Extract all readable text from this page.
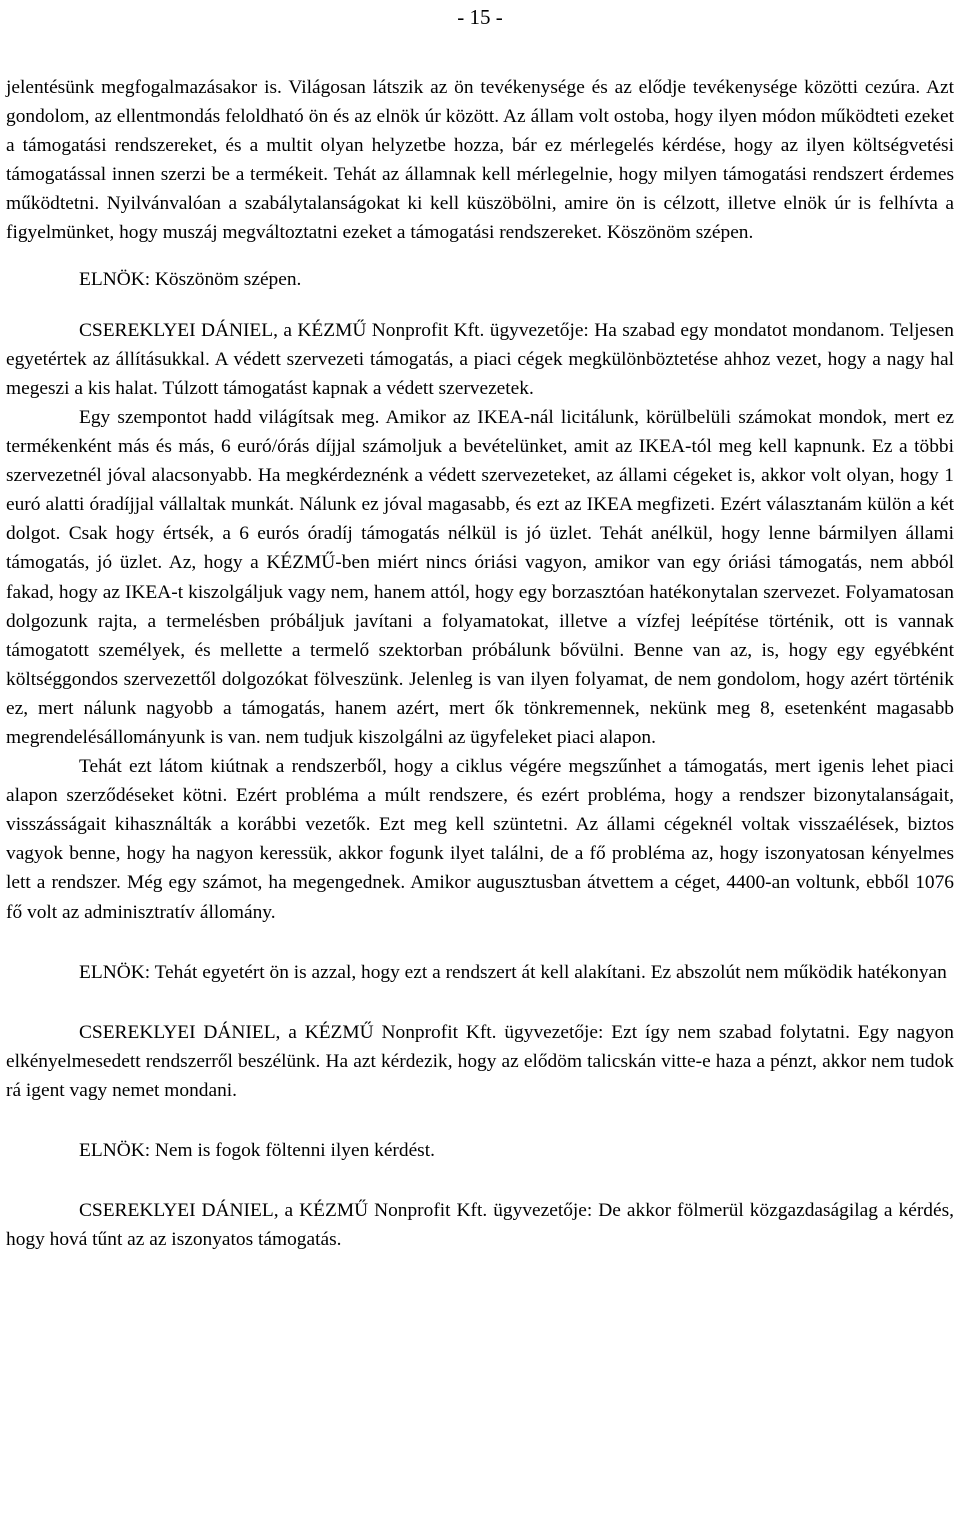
- 15 -

jelentésünk megfogalmazásakor is. Világosan látszik az ön tevékenysége és az elődje tevékenysége közötti cezúra. Azt gondolom, az ellentmondás feloldható ön és az elnök úr között. Az állam volt ostoba, hogy ilyen módon működteti ezeket a támogatási rendszereket, és a multit olyan helyzetbe hozza, bár ez mérlegelés kérdése, hogy az ilyen költségvetési támogatással innen szerzi be a termékeit. Tehát az államnak kell mérlegelnie, hogy milyen támogatási rendszert érdemes működtetni. Nyilvánvalóan a szabálytalanságokat ki kell küszöbölni, amire ön is célzott, illetve elnök úr is felhívta a figyelmünket, hogy muszáj megváltoztatni ezeket a támogatási rendszereket. Köszönöm szépen.

ELNÖK: Köszönöm szépen.

CSEREKLYEI DÁNIEL, a KÉZMŰ Nonprofit Kft. ügyvezetője: Ha szabad egy mondatot mondanom. Teljesen egyetértek az állításukkal. A védett szervezeti támogatás, a piaci cégek megkülönböztetése ahhoz vezet, hogy a nagy hal megeszi a kis halat. Túlzott támogatást kapnak a védett szervezetek.

Egy szempontot hadd világítsak meg. Amikor az IKEA-nál licitálunk, körülbelüli számokat mondok, mert ez termékenként más és más, 6 euró/órás díjjal számoljuk a bevételünket, amit az IKEA-tól meg kell kapnunk. Ez a többi szervezetnél jóval alacsonyabb. Ha megkérdeznénk a védett szervezeteket, az állami cégeket is, akkor volt olyan, hogy 1 euró alatti óradíjjal vállaltak munkát. Nálunk ez jóval magasabb, és ezt az IKEA megfizeti. Ezért választanám külön a két dolgot. Csak hogy értsék, a 6 eurós óradíj támogatás nélkül is jó üzlet. Tehát anélkül, hogy lenne bármilyen állami támogatás, jó üzlet. Az, hogy a KÉZMŰ-ben miért nincs óriási vagyon, amikor van egy óriási támogatás, nem abból fakad, hogy az IKEA-t kiszolgáljuk vagy nem, hanem attól, hogy egy borzasztóan hatékonytalan szervezet. Folyamatosan dolgozunk rajta, a termelésben próbáljuk javítani a folyamatokat, illetve a vízfej leépítése történik, ott is vannak támogatott személyek, és mellette a termelő szektorban próbálunk bővülni. Benne van az, is, hogy egy egyébként költséggondos szervezettől dolgozókat fölveszünk. Jelenleg is van ilyen folyamat, de nem gondolom, hogy azért történik ez, mert nálunk nagyobb a támogatás, hanem azért, mert ők tönkremennek, nekünk meg 8, esetenként magasabb megrendelésállományunk is van. nem tudjuk kiszolgálni az ügyfeleket piaci alapon.

Tehát ezt látom kiútnak a rendszerből, hogy a ciklus végére megszűnhet a támogatás, mert igenis lehet piaci alapon szerződéseket kötni. Ezért probléma a múlt rendszere, és ezért probléma, hogy a rendszer bizonytalanságait, visszásságait kihasználták a korábbi vezetők. Ezt meg kell szüntetni. Az állami cégeknél voltak visszaélések, biztos vagyok benne, hogy ha nagyon keressük, akkor fogunk ilyet találni, de a fő probléma az, hogy iszonyatosan kényelmes lett a rendszer. Még egy számot, ha megengednek. Amikor augusztusban átvettem a céget, 4400-an voltunk, ebből 1076 fő volt az adminisztratív állomány.

ELNÖK: Tehát egyetért ön is azzal, hogy ezt a rendszert át kell alakítani. Ez abszolút nem működik hatékonyan

CSEREKLYEI DÁNIEL, a KÉZMŰ Nonprofit Kft. ügyvezetője: Ezt így nem szabad folytatni. Egy nagyon elkényelmesedett rendszerről beszélünk. Ha azt kérdezik, hogy az elődöm talicskán vitte-e haza a pénzt, akkor nem tudok rá igent vagy nemet mondani.

ELNÖK: Nem is fogok föltenni ilyen kérdést.

CSEREKLYEI DÁNIEL, a KÉZMŰ Nonprofit Kft. ügyvezetője: De akkor fölmerül közgazdaságilag a kérdés, hogy hová tűnt az az iszonyatos támogatás.
